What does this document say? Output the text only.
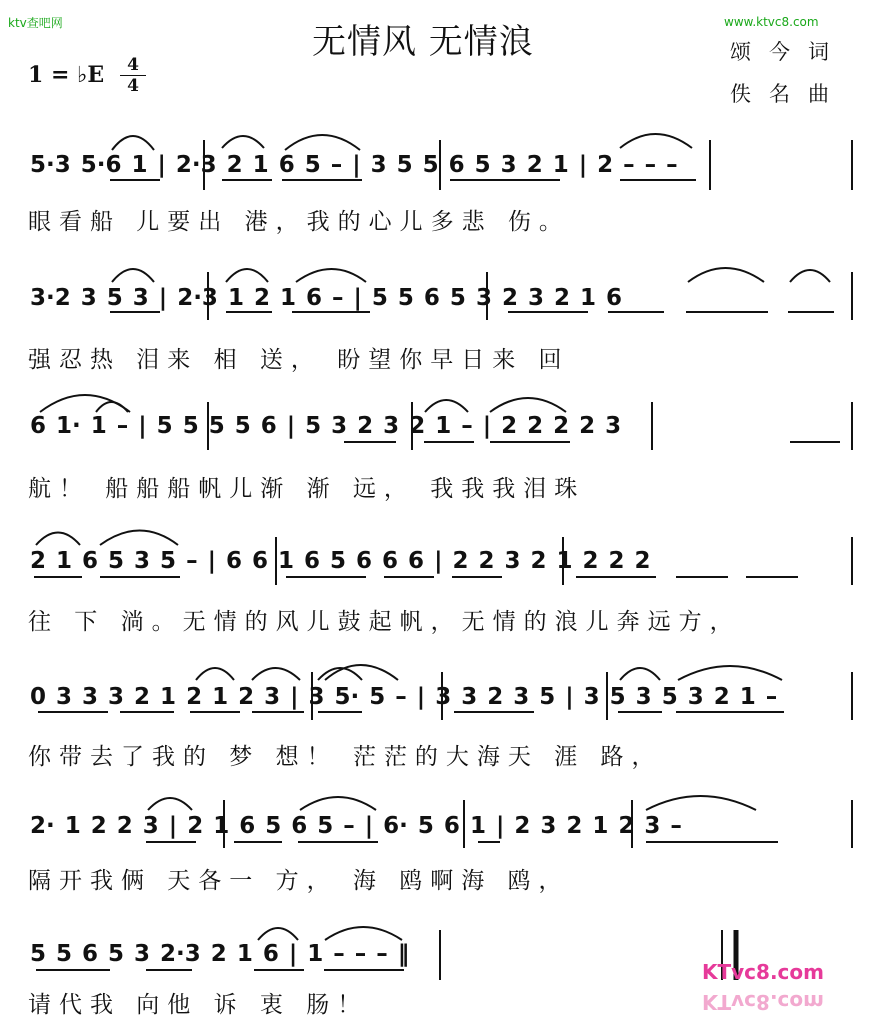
ktv查吧网	www.ktvc8.com
无情风 无情浪
1 = ♭E	4
4
颂今词
佚名曲
5·3 5·6 1 | 2·3 2 1 6 5 – | 3 5 5 6 5 3 2 1 | 2 – – –
眼看船 儿要出 港，我的心儿多悲 伤。
3·2 3 5 3 | 2·3 1 2 1 6 – | 5 5 6 5 3 2 3 2 1 6
强忍热 泪来 相 送， 盼望你早日来 回
6 1· 1 – | 5 5 5 5 6 | 5 3 2 3 2 1 – | 2 2 2 2 3
航！ 船船船帆儿渐 渐 远， 我我我泪珠
2 1 6 5 3 5 – | 6 6 1 6 5 6 6 6 | 2 2 3 2 1 2 2 2
往 下 淌。无情的风儿鼓起帆，无情的浪儿奔远方，
0 3 3 3 2 1 2 1 2 3 | 3 5· 5 – | 3 3 2 3 5 | 3 5 3 5 3 2 1 –
你带去了我的 梦 想！ 茫茫的大海天 涯 路，
2· 1 2 2 3 | 2 1 6 5 6 5 – | 6· 5 6 1 | 2 3 2 1 2 3 –
隔开我俩 天各一 方， 海 鸥啊海 鸥，
5 5 6 5 3 2·3 2 1 6 | 1 – – – ‖
请代我 向他 诉 衷 肠！
KTvc8.com
KTvc8.com
